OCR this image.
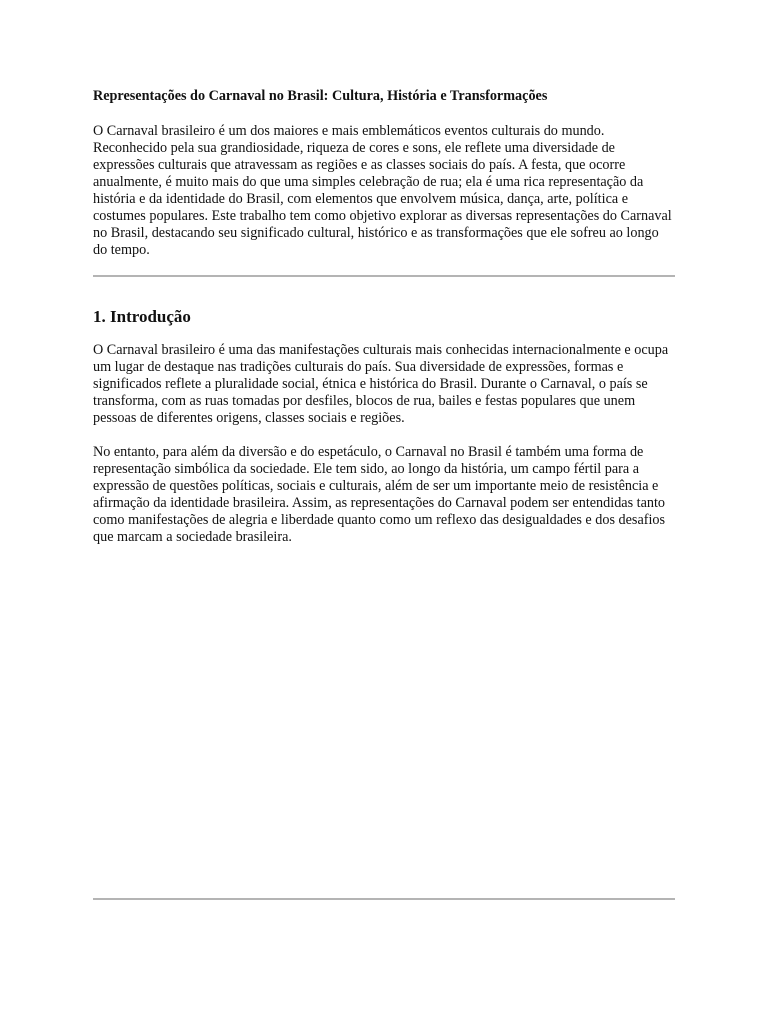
Representações do Carnaval no Brasil: Cultura, História e Transformações

O Carnaval brasileiro é um dos maiores e mais emblemáticos eventos culturais do mundo. Reconhecido pela sua grandiosidade, riqueza de cores e sons, ele reflete uma diversidade de expressões culturais que atravessam as regiões e as classes sociais do país. A festa, que ocorre anualmente, é muito mais do que uma simples celebração de rua; ela é uma rica representação da história e da identidade do Brasil, com elementos que envolvem música, dança, arte, política e costumes populares. Este trabalho tem como objetivo explorar as diversas representações do Carnaval no Brasil, destacando seu significado cultural, histórico e as transformações que ele sofreu ao longo do tempo.

1. Introdução

O Carnaval brasileiro é uma das manifestações culturais mais conhecidas internacionalmente e ocupa um lugar de destaque nas tradições culturais do país. Sua diversidade de expressões, formas e significados reflete a pluralidade social, étnica e histórica do Brasil. Durante o Carnaval, o país se transforma, com as ruas tomadas por desfiles, blocos de rua, bailes e festas populares que unem pessoas de diferentes origens, classes sociais e regiões.

No entanto, para além da diversão e do espetáculo, o Carnaval no Brasil é também uma forma de representação simbólica da sociedade. Ele tem sido, ao longo da história, um campo fértil para a expressão de questões políticas, sociais e culturais, além de ser um importante meio de resistência e afirmação da identidade brasileira. Assim, as representações do Carnaval podem ser entendidas tanto como manifestações de alegria e liberdade quanto como um reflexo das desigualdades e dos desafios que marcam a sociedade brasileira.
